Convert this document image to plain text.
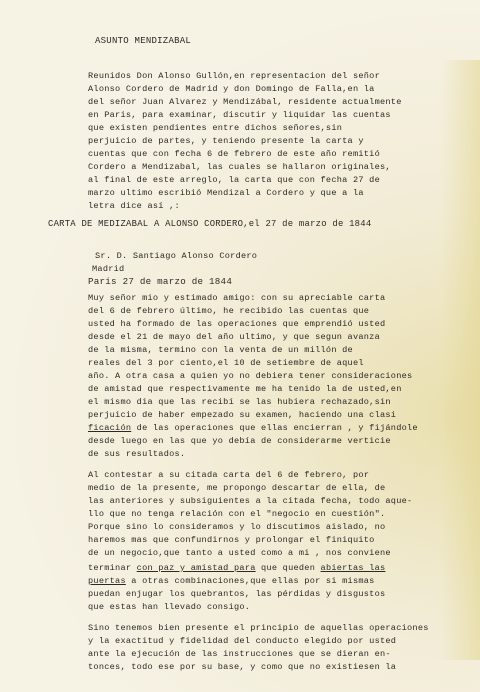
ASUNTO MENDIZABAL
Reunidos Don Alonso Gullón,en representacion del señor
Alonso Cordero de Madrid y don Domingo de Falla,en la
del señor Juan Alvarez y Mendizábal, residente actualmente
en Paris, para examinar, discutir y liquidar las cuentas
que existen pendientes entre dichos señores,sin
perjuicio de partes, y teniendo presente la carta y
cuentas que con fecha 6 de febrero de este año remitió
Cordero a Mendizabal, las cuales se hallaron originales,
al final de este arreglo, la carta que con fecha 27 de
marzo ultimo escribió Mendizal a Cordero y que a la
letra dice así ,:
CARTA DE MEDIZABAL A ALONSO CORDERO,el 27 de marzo de 1844
Sr. D. Santiago Alonso Cordero
Madrid
Paris 27 de marzo de 1844
Muy señor mio y estimado amigo: con su apreciable carta
del 6 de febrero último, he recibido las cuentas que
usted ha formado de las operaciones que emprendió usted
desde el 21 de mayo del año ultimo, y que segun avanza
de la misma, termino con la venta de un millón de
reales del 3 por ciento,el 10 de setiembre de aquel
año. A otra casa a quien yo no debiera tener consideraciones
de amistad que respectivamente me ha tenido la de usted,en
el mismo dia que las recibí se las hubiera rechazado,sin
perjuicio de haber empezado su examen, haciendo una clasi
ficación de las operaciones que ellas encierran , y fijándole
desde luego en las que yo debía de considerarme verticie
de sus resultados.
Al contestar a su citada carta del 6 de febrero, por
medio de la presente, me propongo descartar de ella, de
las anteriores y subsiguientes a la citada fecha, todo aque-
llo que no tenga relación con el "negocio en cuestión".
Porque sino lo consideramos y lo discutimos aislado, no
haremos mas que confundirnos y prolongar el finiquito
de un negocio,que tanto a usted como a mi , nos conviene
terminar con paz y amistad para que queden abiertas las
puertas a otras combinaciones,que ellas por si mismas
puedan enjugar los quebrantos, las pérdidas y disgustos
que estas han llevado consigo.
Sino tenemos bien presente el principio de aquellas operaciones
y la exactitud y fidelidad del conducto elegido por usted
ante la ejecución de las instrucciones que se dieran en-
tonces, todo ese por su base, y como que no existiesen la
